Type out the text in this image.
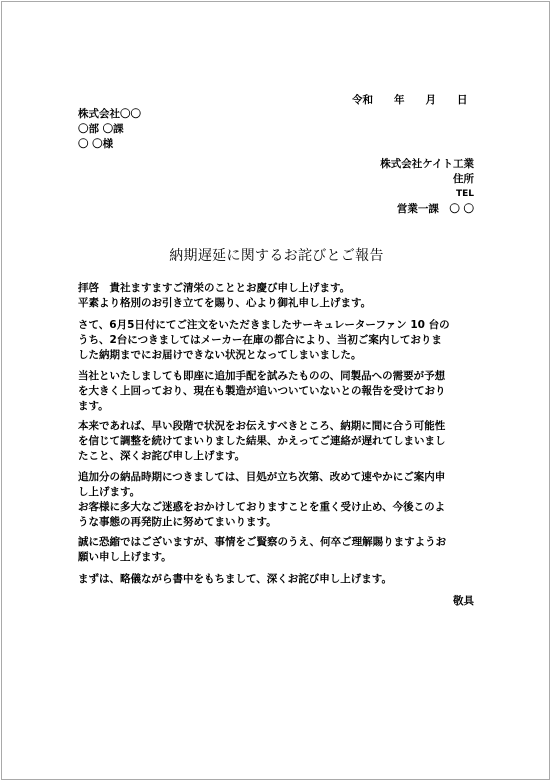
令和　　年　　月　　日
株式会社〇〇
〇部 〇課
〇 〇様
株式会社ケイト工業
住所
TEL
営業一課　〇 〇
納期遅延に関するお詫びとご報告
拝啓　貴社ますますご清栄のこととお慶び申し上げます。
平素より格別のお引き立てを賜り、心より御礼申し上げます。
さて、6月5日付にてご注文をいただきましたサーキュレーターファン 10 台の
うち、2台につきましてはメーカー在庫の都合により、当初ご案内しておりま
した納期までにお届けできない状況となってしまいました。
当社といたしましても即座に追加手配を試みたものの、同製品への需要が予想
を大きく上回っており、現在も製造が追いついていないとの報告を受けており
ます。
本来であれば、早い段階で状況をお伝えすべきところ、納期に間に合う可能性
を信じて調整を続けてまいりました結果、かえってご連絡が遅れてしまいまし
たこと、深くお詫び申し上げます。
追加分の納品時期につきましては、目処が立ち次第、改めて速やかにご案内申
し上げます。
お客様に多大なご迷惑をおかけしておりますことを重く受け止め、今後このよ
うな事態の再発防止に努めてまいります。
誠に恐縮ではございますが、事情をご賢察のうえ、何卒ご理解賜りますようお
願い申し上げます。
まずは、略儀ながら書中をもちまして、深くお詫び申し上げます。
敬具
